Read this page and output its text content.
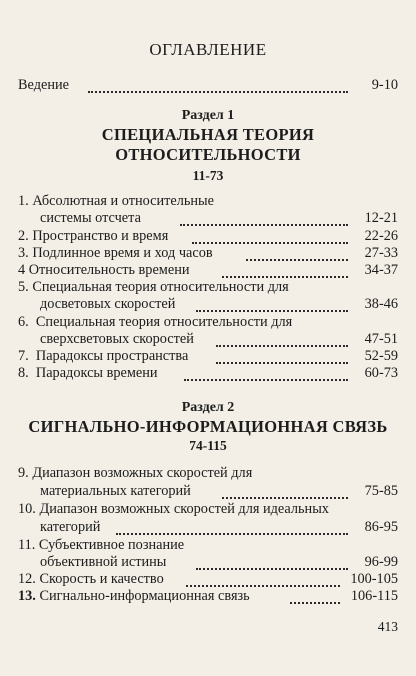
ОГЛАВЛЕНИЕ
Ведение	9-10
Раздел 1
СПЕЦИАЛЬНАЯ ТЕОРИЯ
ОТНОСИТЕЛЬНОСТИ
11-73
1. Абсолютная и относительные
системы отсчета	12-21
2. Пространство и время	22-26
3. Подлинное время и ход часов	27-33
4 Относительность времени	34-37
5. Специальная теория относительности для
досветовых скоростей	38-46
6. Специальная теория относительности для
сверхсветовых скоростей	47-51
7. Парадоксы пространства	52-59
8. Парадоксы времени	60-73
Раздел 2
СИГНАЛЬНО-ИНФОРМАЦИОННАЯ СВЯЗЬ
74-115
9. Диапазон возможных скоростей для
материальных категорий	75-85
10. Диапазон возможных скоростей для идеальных
категорий	86-95
11. Субъективное познание
объективной истины	96-99
12. Скорость и качество	100-105
13. Сигнально-информационная связь	106-115
413
